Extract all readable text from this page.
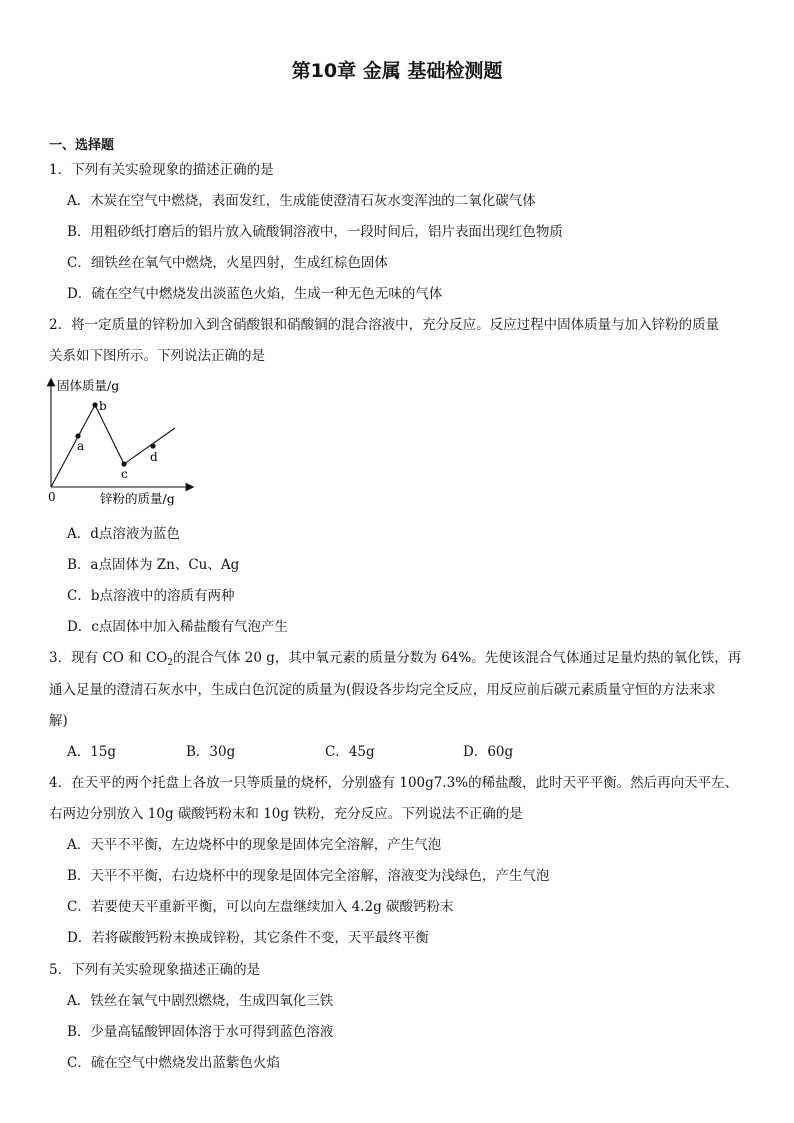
第10章 金属 基础检测题
一、选择题
1．下列有关实验现象的描述正确的是
A．木炭在空气中燃烧，表面发红，生成能使澄清石灰水变浑浊的二氧化碳气体
B．用粗砂纸打磨后的铝片放入硫酸铜溶液中，一段时间后，铝片表面出现红色物质
C．细铁丝在氧气中燃烧，火星四射，生成红棕色固体
D．硫在空气中燃烧发出淡蓝色火焰，生成一种无色无味的气体
2．将一定质量的锌粉加入到含硝酸银和硝酸铜的混合溶液中，充分反应。反应过程中固体质量与加入锌粉的质量
关系如下图所示。下列说法正确的是
a
b
c
d
固体质量/g
锌粉的质量/g
0
A．d点溶液为蓝色
B．a点固体为 Zn、Cu、Ag
C．b点溶液中的溶质有两种
D．c点固体中加入稀盐酸有气泡产生
3．现有 CO 和 $CO_2$的混合气体 20 g，其中氧元素的质量分数为 64%。先使该混合气体通过足量灼热的氧化铁，再
通入足量的澄清石灰水中，生成白色沉淀的质量为(假设各步均完全反应，用反应前后碳元素质量守恒的方法来求
解)
A．15g	B．30g	C．45g	D．60g
4．在天平的两个托盘上各放一只等质量的烧杯，分别盛有 100g7.3%的稀盐酸，此时天平平衡。然后再向天平左、
右两边分别放入 10g 碳酸钙粉末和 10g 铁粉，充分反应。下列说法不正确的是
A．天平不平衡，左边烧杯中的现象是固体完全溶解，产生气泡
B．天平不平衡，右边烧杯中的现象是固体完全溶解，溶液变为浅绿色，产生气泡
C．若要使天平重新平衡，可以向左盘继续加入 4.2g 碳酸钙粉末
D．若将碳酸钙粉末换成锌粉，其它条件不变，天平最终平衡
5．下列有关实验现象描述正确的是
A．铁丝在氧气中剧烈燃烧，生成四氧化三铁
B．少量高锰酸钾固体溶于水可得到蓝色溶液
C．硫在空气中燃烧发出蓝紫色火焰
